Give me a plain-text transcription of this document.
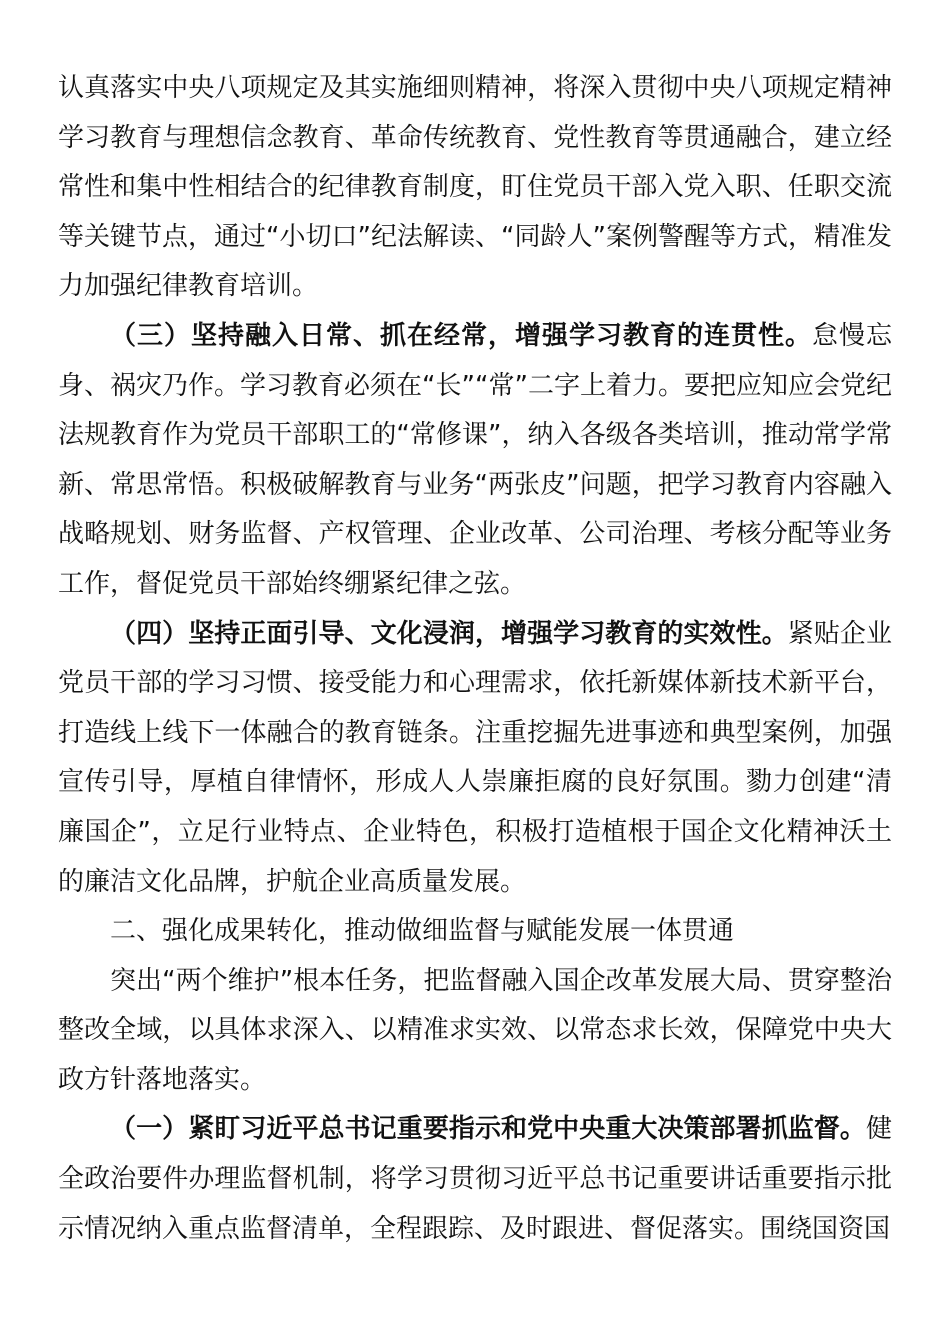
认真落实中央八项规定及其实施细则精神，将深入贯彻中央八项规定精神学习教育与理想信念教育、革命传统教育、党性教育等贯通融合，建立经常性和集中性相结合的纪律教育制度，盯住党员干部入党入职、任职交流等关键节点，通过“小切口”纪法解读、“同龄人”案例警醒等方式，精准发力加强纪律教育培训。

（三）坚持融入日常、抓在经常，增强学习教育的连贯性。怠慢忘身、祸灾乃作。学习教育必须在“长”“常”二字上着力。要把应知应会党纪法规教育作为党员干部职工的“常修课”，纳入各级各类培训，推动常学常新、常思常悟。积极破解教育与业务“两张皮”问题，把学习教育内容融入战略规划、财务监督、产权管理、企业改革、公司治理、考核分配等业务工作，督促党员干部始终绷紧纪律之弦。

（四）坚持正面引导、文化浸润，增强学习教育的实效性。紧贴企业党员干部的学习习惯、接受能力和心理需求，依托新媒体新技术新平台，打造线上线下一体融合的教育链条。注重挖掘先进事迹和典型案例，加强宣传引导，厚植自律情怀，形成人人崇廉拒腐的良好氛围。勠力创建“清廉国企”，立足行业特点、企业特色，积极打造植根于国企文化精神沃土的廉洁文化品牌，护航企业高质量发展。

二、强化成果转化，推动做细监督与赋能发展一体贯通

突出“两个维护”根本任务，把监督融入国企改革发展大局、贯穿整治整改全域，以具体求深入、以精准求实效、以常态求长效，保障党中央大政方针落地落实。

（一）紧盯习近平总书记重要指示和党中央重大决策部署抓监督。健全政治要件办理监督机制，将学习贯彻习近平总书记重要讲话重要指示批示情况纳入重点监督清单，全程跟踪、及时跟进、督促落实。围绕国资国
